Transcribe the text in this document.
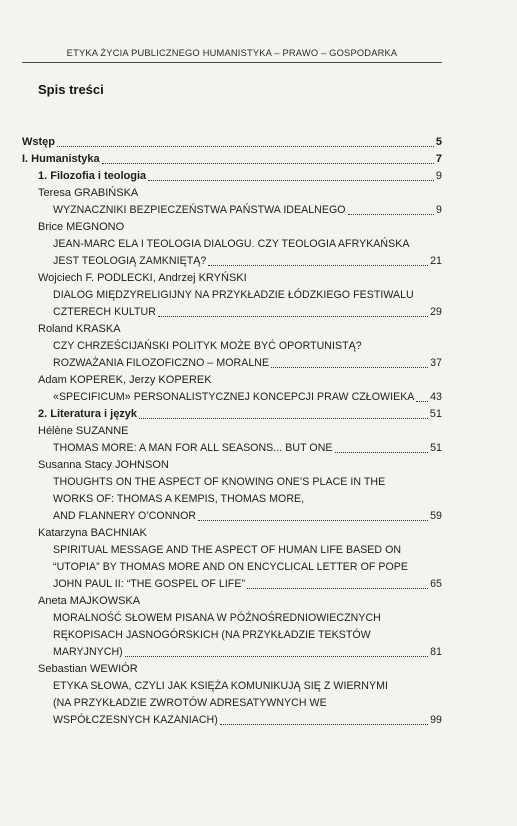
ETYKA ŻYCIA PUBLICZNEGO HUMANISTYKA – PRAWO – GOSPODARKA
Spis treści
Wstęp	5
I. Humanistyka	7
1. Filozofia i teologia	9
Teresa GRABIŃSKA
WYZNACZNIKI BEZPIECZEŃSTWA PAŃSTWA IDEALNEGO	9
Brice MEGNONO
JEAN-MARC ELA I TEOLOGIA DIALOGU. CZY TEOLOGIA AFRYKAŃSKA
JEST TEOLOGIĄ ZAMKNIĘTĄ?	21
Wojciech F. PODLECKI, Andrzej KRYŃSKI
DIALOG MIĘDZYRELIGIJNY NA PRZYKŁADZIE ŁÓDZKIEGO FESTIWALU
CZTERECH KULTUR	29
Roland KRASKA
CZY CHRZEŚCIJAŃSKI POLITYK MOŻE BYĆ OPORTUNISTĄ?
ROZWAŻANIA FILOZOFICZNO – MORALNE	37
Adam KOPEREK, Jerzy KOPEREK
«SPECIFICUM» PERSONALISTYCZNEJ KONCEPCJI PRAW CZŁOWIEKA 43
2. Literatura i język	51
Hélène SUZANNE
THOMAS MORE: A MAN FOR ALL SEASONS... BUT ONE	51
Susanna Stacy JOHNSON
THOUGHTS ON THE ASPECT OF KNOWING ONE’S PLACE IN THE
WORKS OF: THOMAS A KEMPIS, THOMAS MORE,
AND FLANNERY O’CONNOR	59
Katarzyna BACHNIAK
SPIRITUAL MESSAGE AND THE ASPECT OF HUMAN LIFE BASED ON
“UTOPIA” BY THOMAS MORE AND ON ENCYCLICAL LETTER OF POPE
JOHN PAUL II: “THE GOSPEL OF LIFE”	65
Aneta MAJKOWSKA
MORALNOŚĆ SŁOWEM PISANA W PÓŹNOŚREDNIOWIECZNYCH
RĘKOPISACH JASNOGÓRSKICH (NA PRZYKŁADZIE TEKSTÓW
MARYJNYCH)	81
Sebastian WEWIÓR
ETYKA SŁOWA, CZYLI JAK KSIĘŻA KOMUNIKUJĄ SIĘ Z WIERNYMI
(NA PRZYKŁADZIE ZWROTÓW ADRESATYWNYCH WE
WSPÓŁCZESNYCH KAZANIACH)	99
